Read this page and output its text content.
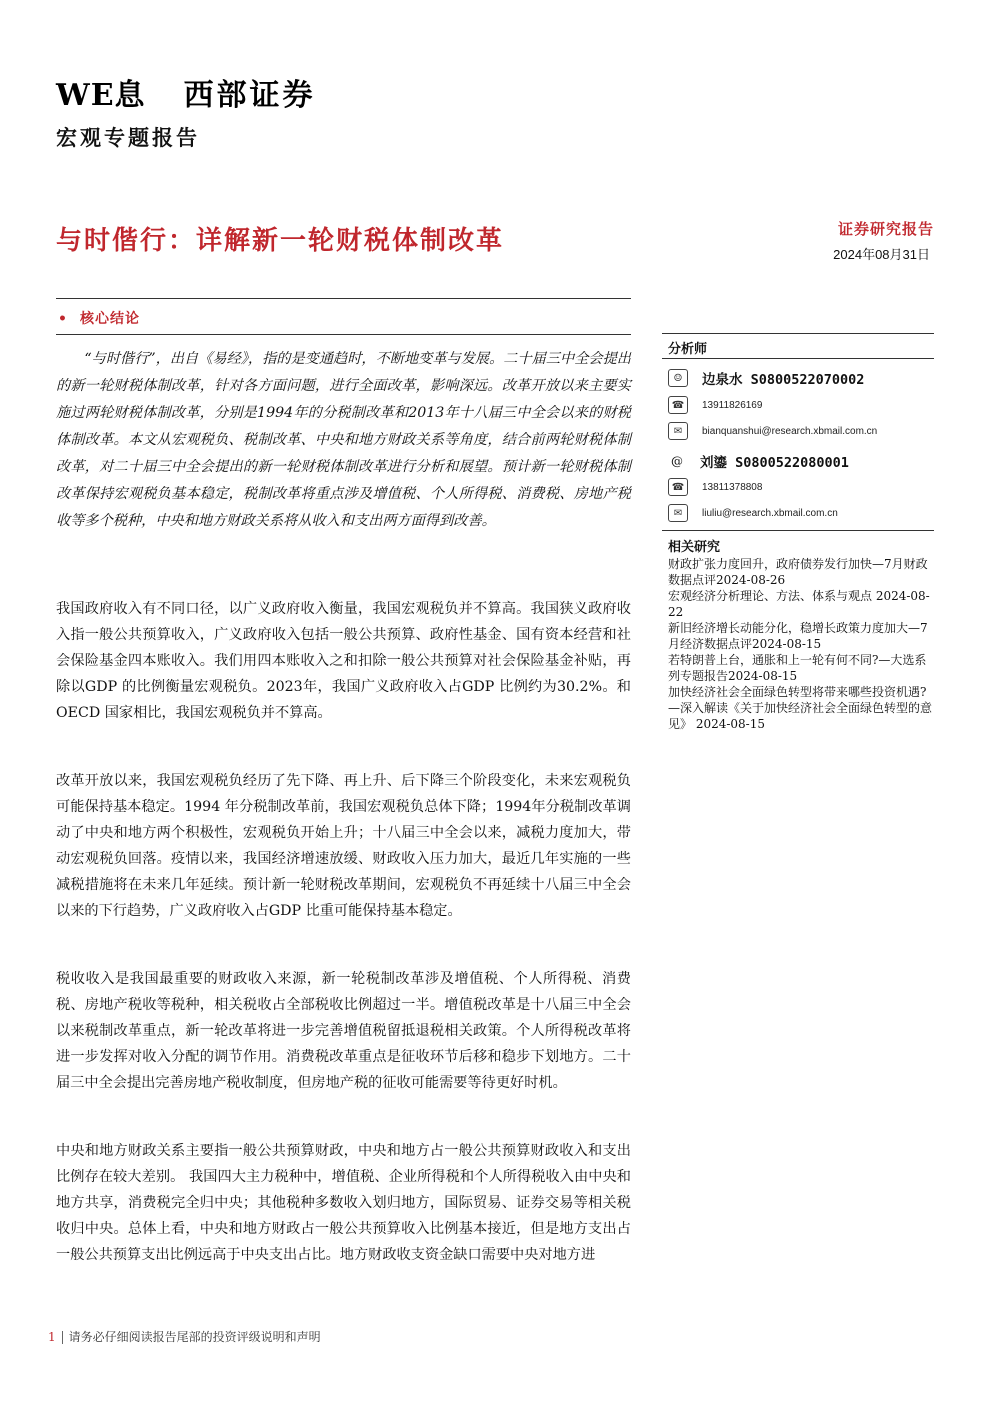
WE息 西部证券
宏观专题报告
与时偕行：详解新一轮财税体制改革	证券研究报告
2024年08月31日
• 核心结论

“与时偕行”，出自《易经》，指的是变通趋时，不断地变革与发展。二十届三中全会提出的新一轮财税体制改革，针对各方面问题，进行全面改革，影响深远。改革开放以来主要实施过两轮财税体制改革，分别是1994年的分税制改革和2013年十八届三中全会以来的财税体制改革。本文从宏观税负、税制改革、中央和地方财政关系等角度，结合前两轮财税体制改革，对二十届三中全会提出的新一轮财税体制改革进行分析和展望。预计新一轮财税体制改革保持宏观税负基本稳定，税制改革将重点涉及增值税、个人所得税、消费税、房地产税收等多个税种，中央和地方财政关系将从收入和支出两方面得到改善。

我国政府收入有不同口径，以广义政府收入衡量，我国宏观税负并不算高。我国狭义政府收入指一般公共预算收入，广义政府收入包括一般公共预算、政府性基金、国有资本经营和社会保险基金四本账收入。我们用四本账收入之和扣除一般公共预算对社会保险基金补贴，再除以GDP 的比例衡量宏观税负。2023年，我国广义政府收入占GDP 比例约为30.2%。和OECD 国家相比，我国宏观税负并不算高。

改革开放以来，我国宏观税负经历了先下降、再上升、后下降三个阶段变化，未来宏观税负可能保持基本稳定。1994 年分税制改革前，我国宏观税负总体下降；1994年分税制改革调动了中央和地方两个积极性，宏观税负开始上升；十八届三中全会以来，减税力度加大，带动宏观税负回落。疫情以来，我国经济增速放缓、财政收入压力加大，最近几年实施的一些减税措施将在未来几年延续。预计新一轮财税改革期间，宏观税负不再延续十八届三中全会以来的下行趋势，广义政府收入占GDP 比重可能保持基本稳定。

税收收入是我国最重要的财政收入来源，新一轮税制改革涉及增值税、个人所得税、消费税、房地产税收等税种，相关税收占全部税收比例超过一半。增值税改革是十八届三中全会以来税制改革重点，新一轮改革将进一步完善增值税留抵退税相关政策。个人所得税改革将进一步发挥对收入分配的调节作用。消费税改革重点是征收环节后移和稳步下划地方。二十届三中全会提出完善房地产税收制度，但房地产税的征收可能需要等待更好时机。

中央和地方财政关系主要指一般公共预算财政，中央和地方占一般公共预算财政收入和支出比例存在较大差别。 我国四大主力税种中，增值税、企业所得税和个人所得税收入由中央和地方共享，消费税完全归中央；其他税种多数收入划归地方，国际贸易、证券交易等相关税收归中央。总体上看，中央和地方财政占一般公共预算收入比例基本接近，但是地方支出占一般公共预算支出比例远高于中央支出占比。地方财政收支资金缺口需要中央对地方进

分析师
☺	边泉水 S0800522070002
☎	13911826169
✉	bianquanshui@research.xbmail.com.cn
@ 刘鎏 S0800522080001
☎	13811378808
✉	liuliu@research.xbmail.com.cn
相关研究

财政扩张力度回升，政府债券发行加快—7月财政数据点评2024-08-26

宏观经济分析理论、方法、体系与观点 2024-08-22

新旧经济增长动能分化，稳增长政策力度加大—7月经济数据点评2024-08-15

若特朗普上台，通胀和上一轮有何不同?—大选系列专题报告2024-08-15

加快经济社会全面绿色转型将带来哪些投资机遇?—深入解读《关于加快经济社会全面绿色转型的意见》 2024-08-15

1 请务必仔细阅读报告尾部的投资评级说明和声明
